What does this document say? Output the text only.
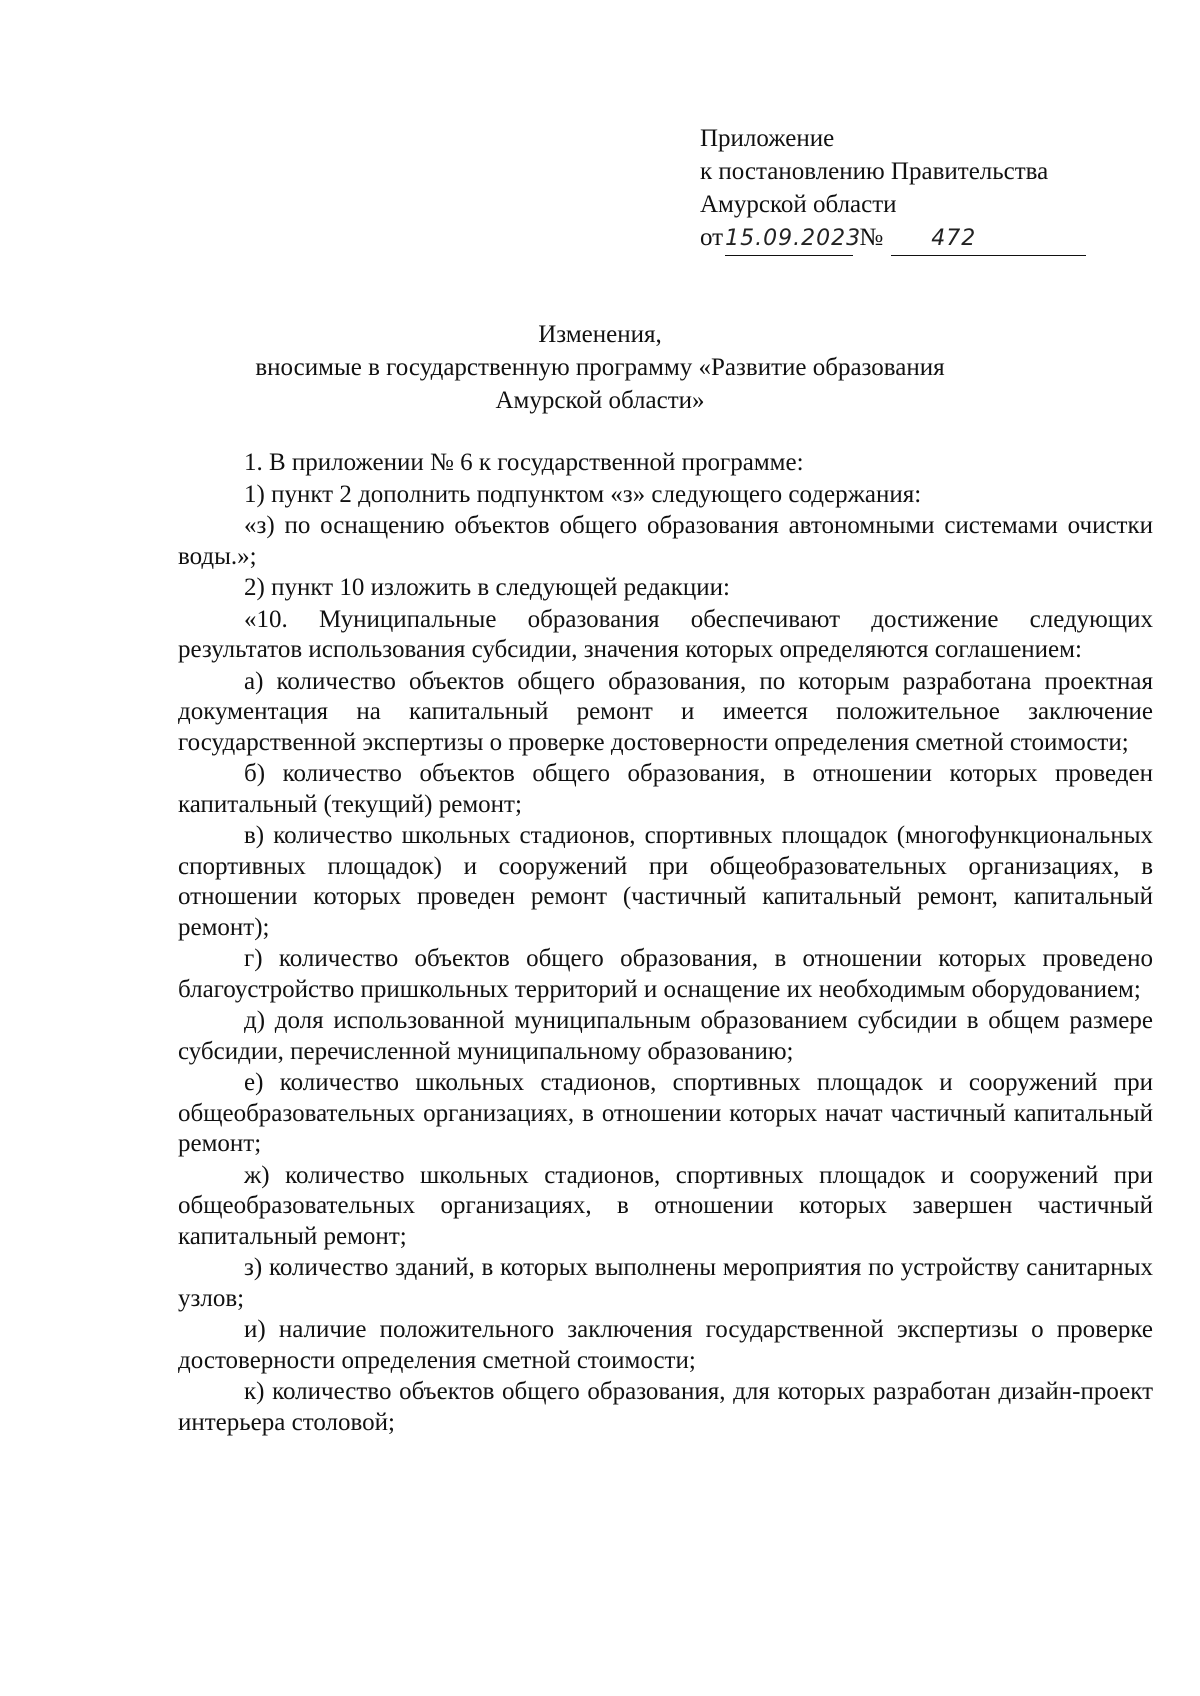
Приложение
к постановлению Правительства
Амурской области
от15.09.2023 № 472
Изменения,
вносимые в государственную программу «Развитие образования
Амурской области»

1. В приложении № 6 к государственной программе:

1) пункт 2 дополнить подпунктом «з» следующего содержания:

«з) по оснащению объектов общего образования автономными системами очистки воды.»;

2) пункт 10 изложить в следующей редакции:

«10. Муниципальные образования обеспечивают достижение следующих результатов использования субсидии, значения которых определяются соглашением:

а) количество объектов общего образования, по которым разработана проектная документация на капитальный ремонт и имеется положительное заключение государственной экспертизы о проверке достоверности определения сметной стоимости;

б) количество объектов общего образования, в отношении которых проведен капитальный (текущий) ремонт;

в) количество школьных стадионов, спортивных площадок (многофункциональных спортивных площадок) и сооружений при общеобразовательных организациях, в отношении которых проведен ремонт (частичный капитальный ремонт, капитальный ремонт);

г) количество объектов общего образования, в отношении которых проведено благоустройство пришкольных территорий и оснащение их необходимым оборудованием;

д) доля использованной муниципальным образованием субсидии в общем размере субсидии, перечисленной муниципальному образованию;

е) количество школьных стадионов, спортивных площадок и сооружений при общеобразовательных организациях, в отношении которых начат частичный капитальный ремонт;

ж) количество школьных стадионов, спортивных площадок и сооружений при общеобразовательных организациях, в отношении которых завершен частичный капитальный ремонт;

з) количество зданий, в которых выполнены мероприятия по устройству санитарных узлов;

и) наличие положительного заключения государственной экспертизы о проверке достоверности определения сметной стоимости;

к) количество объектов общего образования, для которых разработан дизайн-проект интерьера столовой;
